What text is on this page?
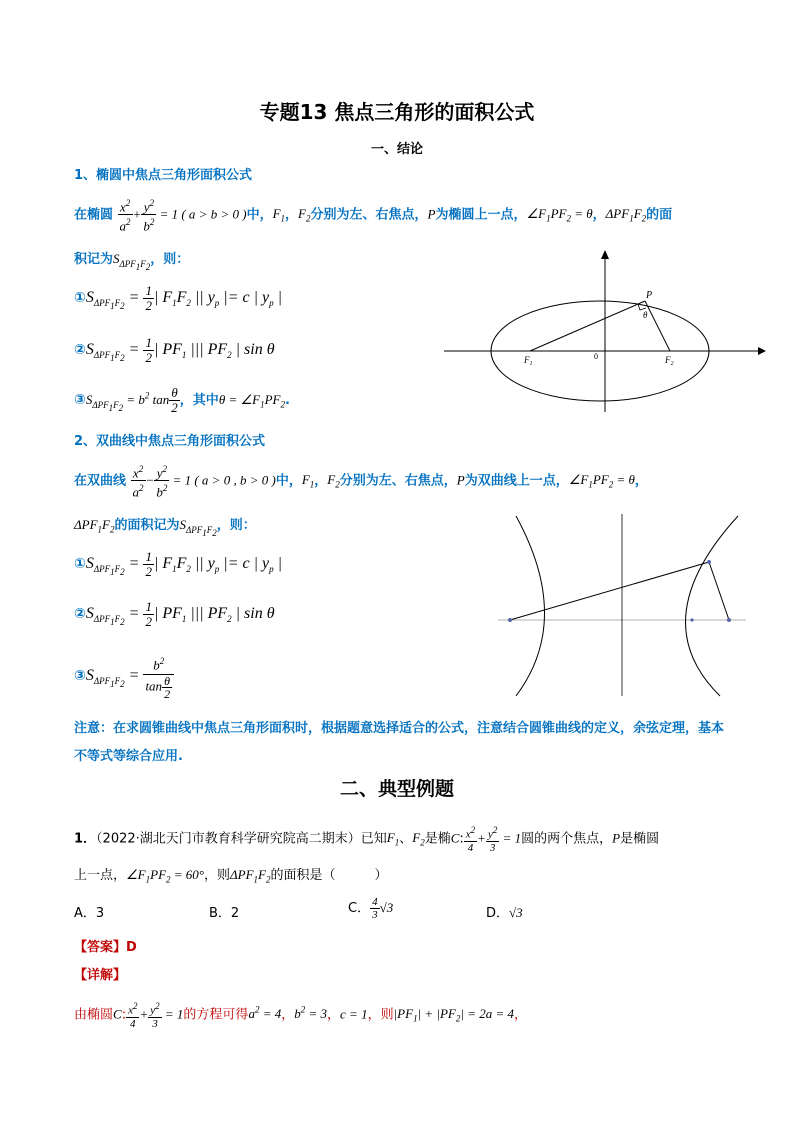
专题13 焦点三角形的面积公式
一、结论
1、椭圆中焦点三角形面积公式
在椭圆 $\frac{x^2}{a^2} + \frac{y^2}{b^2} = 1$ ( a > b > 0 )中，$F_1$，$F_2$分别为左、右焦点，P为椭圆上一点，$\angle F_1PF_2 = \theta$，$\Delta PF_1F_2$的面
积记为$S_{\Delta PF_1F_2}$，则：
$①S_{\Delta PF_1F_2} = \frac{1}{2}$ | $F_1F_2$ || $y_p$ |= c | $y_p$ |
$②S_{\Delta PF_1F_2} = \frac{1}{2}$ | $PF_1$ ||| $PF_2$ | sin θ
$③S_{\Delta PF_1F_2} = b^2$ $\tan \frac{\theta}{2}$ ，其中$\theta = \angle F_1PF_2$.
P
θ
$F_1$	$F_2$
0
2、双曲线中焦点三角形面积公式
在双曲线 $\frac{x^2}{a^2} - \frac{y^2}{b^2} = 1$ ( a > 0 , b > 0 )中，$F_1$，$F_2$分别为左、右焦点，P为双曲线上一点，$\angle F_1PF_2 = \theta$，
$\Delta PF_1F_2$的面积记为$S_{\Delta PF_1F_2}$，则：
$①S_{\Delta PF_1F_2} = \frac{1}{2}$ | $F_1F_2$ || $y_p$ |= c | $y_p$ |
$②S_{\Delta PF_1F_2} = \frac{1}{2}$ | $PF_1$ ||| $PF_2$ | sin θ
$③S_{\Delta PF_1F_2} = \frac{b^2}{\tan \frac{\theta}{2}}$
注意：在求圆锥曲线中焦点三角形面积时，根据题意选择适合的公式，注意结合圆锥曲线的定义，余弦定理，基本不等式等综合应用.
二、典型例题
1．（2022·湖北天门市教育科学研究院高二期末）已知$F_1$、$F_2$是椭C: $\frac{x^2}{4} + \frac{y^2}{3} = 1$圆的两个焦点，P是椭圆
上一点，$\angle F_1PF_2 = 60^\circ$，则$\Delta PF_1F_2$的面积是（　　　）
A．3	B．2	C． $\frac{4}{3} √3$	D．√3
【答案】D
【详解】
由椭圆C: $\frac{x^2}{4} + \frac{y^2}{3} = 1$的方程可得$a^2 = 4$，$b^2 = 3$，c = 1，则$|PF_1| + |PF_2| = 2a = 4$，
